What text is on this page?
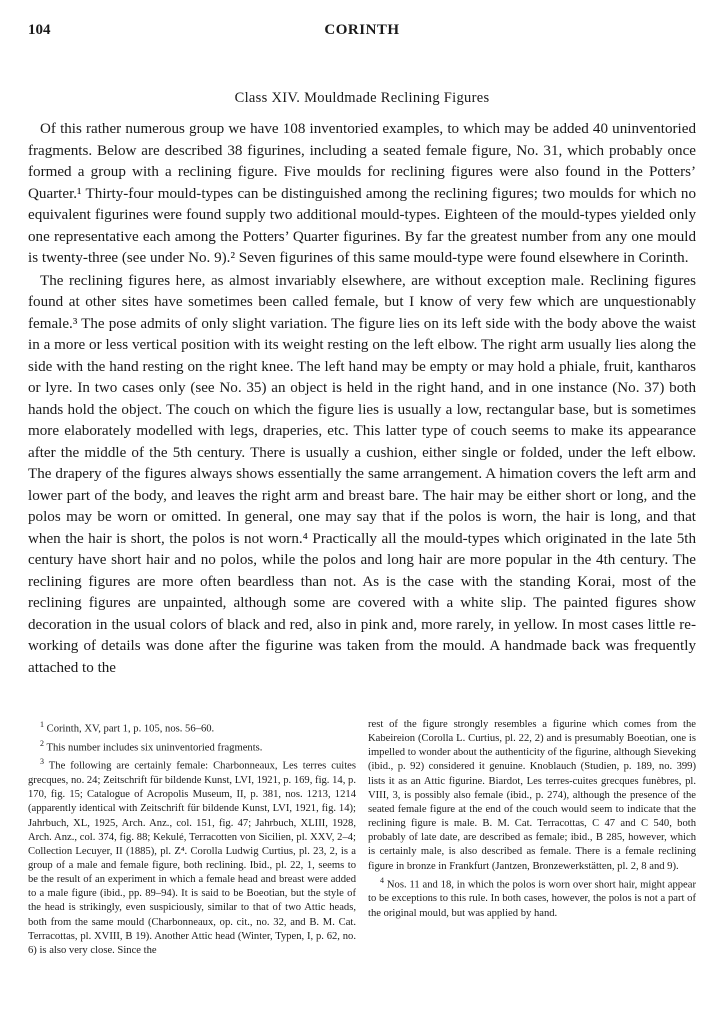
104	CORINTH
Class XIV. Mouldmade Reclining Figures

Of this rather numerous group we have 108 inventoried examples, to which may be added 40 uninventoried fragments. Below are described 38 figurines, including a seated female figure, No. 31, which probably once formed a group with a reclining figure. Five moulds for reclining figures were also found in the Potters’ Quarter.¹ Thirty-four mould-types can be distinguished among the reclining figures; two moulds for which no equivalent figurines were found supply two additional mould-types. Eighteen of the mould-types yielded only one representative each among the Potters’ Quarter figurines. By far the greatest number from any one mould is twenty-three (see under No. 9).² Seven figurines of this same mould-type were found elsewhere in Corinth.

The reclining figures here, as almost invariably elsewhere, are without exception male. Reclining figures found at other sites have sometimes been called female, but I know of very few which are unquestionably female.³ The pose admits of only slight variation. The figure lies on its left side with the body above the waist in a more or less vertical position with its weight resting on the left elbow. The right arm usually lies along the side with the hand resting on the right knee. The left hand may be empty or may hold a phiale, fruit, kantharos or lyre. In two cases only (see No. 35) an object is held in the right hand, and in one instance (No. 37) both hands hold the object. The couch on which the figure lies is usually a low, rectangular base, but is sometimes more elaborately modelled with legs, draperies, etc. This latter type of couch seems to make its appearance after the middle of the 5th century. There is usually a cushion, either single or folded, under the left elbow. The drapery of the figures always shows essentially the same arrangement. A himation covers the left arm and lower part of the body, and leaves the right arm and breast bare. The hair may be either short or long, and the polos may be worn or omitted. In general, one may say that if the polos is worn, the hair is long, and that when the hair is short, the polos is not worn.⁴ Practically all the mould-types which originated in the late 5th century have short hair and no polos, while the polos and long hair are more popular in the 4th century. The reclining figures are more often beardless than not. As is the case with the standing Korai, most of the reclining figures are unpainted, although some are covered with a white slip. The painted figures show decoration in the usual colors of black and red, also in pink and, more rarely, in yellow. In most cases little re-working of details was done after the figurine was taken from the mould. A handmade back was frequently attached to the

$^1$ Corinth, XV, part 1, p. 105, nos. 56–60.

$^2$ This number includes six uninventoried fragments.

$^3$ The following are certainly female: Charbonneaux, Les terres cuites grecques, no. 24; Zeitschrift für bildende Kunst, LVI, 1921, p. 169, fig. 14, p. 170, fig. 15; Catalogue of Acropolis Museum, II, p. 381, nos. 1213, 1214 (apparently identical with Zeitschrift für bildende Kunst, LVI, 1921, fig. 14); Jahrbuch, XL, 1925, Arch. Anz., col. 151, fig. 47; Jahrbuch, XLIII, 1928, Arch. Anz., col. 374, fig. 88; Kekulé, Terracotten von Sicilien, pl. XXV, 2–4; Collection Lecuyer, II (1885), pl. Z⁴. Corolla Ludwig Curtius, pl. 23, 2, is a group of a male and female figure, both reclining. Ibid., pl. 22, 1, seems to be the result of an experiment in which a female head and breast were added to a male figure (ibid., pp. 89–94). It is said to be Boeotian, but the style of the head is strikingly, even suspiciously, similar to that of two Attic heads, both from the same mould (Charbonneaux, op. cit., no. 32, and B. M. Cat. Terracottas, pl. XVIII, B 19). Another Attic head (Winter, Typen, I, p. 62, no. 6) is also very close. Since the

rest of the figure strongly resembles a figurine which comes from the Kabeireion (Corolla L. Curtius, pl. 22, 2) and is presumably Boeotian, one is impelled to wonder about the authenticity of the figurine, although Sieveking (ibid., p. 92) considered it genuine. Knoblauch (Studien, p. 189, no. 399) lists it as an Attic figurine. Biardot, Les terres-cuites grecques funèbres, pl. VIII, 3, is possibly also female (ibid., p. 274), although the presence of the seated female figure at the end of the couch would seem to indicate that the reclining figure is male. B. M. Cat. Terracottas, C 47 and C 540, both probably of late date, are described as female; ibid., B 285, however, which is certainly male, is also described as female. There is a female reclining figure in bronze in Frankfurt (Jantzen, Bronzewerkstätten, pl. 2, 8 and 9).

$^4$ Nos. 11 and 18, in which the polos is worn over short hair, might appear to be exceptions to this rule. In both cases, however, the polos is not a part of the original mould, but was applied by hand.
